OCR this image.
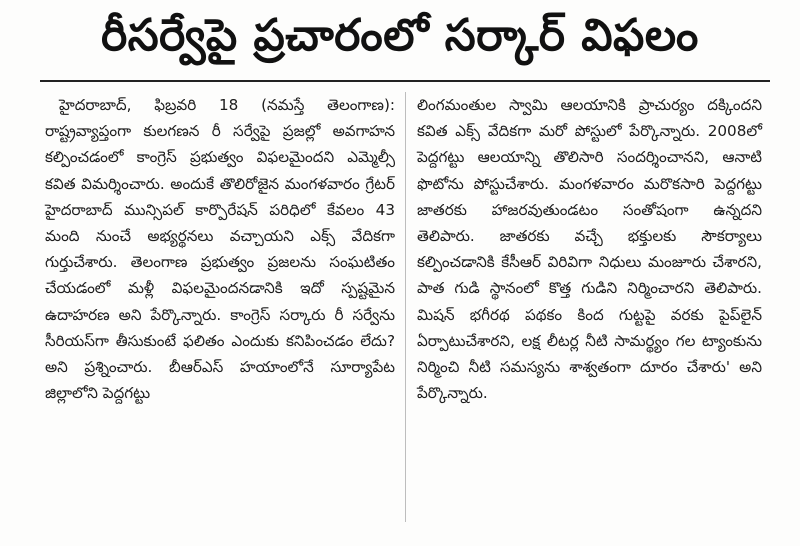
రీసర్వేపై ప్రచారంలో సర్కార్ విఫలం

హైదరాబాద్, ఫిబ్రవరి 18 (నమస్తే తెలంగాణ): రాష్ట్రవ్యాప్తంగా కులగణన రీ సర్వేపై ప్రజల్లో అవగాహన కల్పించడంలో కాంగ్రెస్ ప్రభుత్వం విఫలమైందని ఎమ్మెల్సీ కవిత విమర్శించారు. అందుకే తొలిరోజైన మంగళవారం గ్రేటర్ హైదరాబాద్ మున్సిపల్ కార్పొరేషన్ పరిధిలో కేవలం 43 మంది నుంచే అభ్యర్థనలు వచ్చాయని ఎక్స్ వేదికగా గుర్తుచేశారు. తెలంగాణ ప్రభుత్వం ప్రజలను సంఘటితం చేయడంలో మళ్లీ విఫలమైందనడానికి ఇదో స్పష్టమైన ఉదాహరణ అని పేర్కొన్నారు. కాంగ్రెస్ సర్కారు రీ సర్వేను సీరియస్‌గా తీసుకుంటే ఫలితం ఎందుకు కనిపించడం లేదు? అని ప్రశ్నించారు. బీఆర్ఎస్ హయాంలోనే సూర్యాపేట జిల్లాలోని పెద్దగట్టు

లింగమంతుల స్వామి ఆలయానికి ప్రాచుర్యం దక్కిందని కవిత ఎక్స్ వేదికగా మరో పోస్టులో పేర్కొన్నారు. 2008లో పెద్దగట్టు ఆలయాన్ని తొలిసారి సందర్శించానని, ఆనాటి ఫొటోను పోస్టుచేశారు. మంగళవారం మరొకసారి పెద్దగట్టు జాతరకు హాజరవుతుండటం సంతోషంగా ఉన్నదని తెలిపారు. జాతరకు వచ్చే భక్తులకు సౌకర్యాలు కల్పించడానికి కేసీఆర్ విరివిగా నిధులు మంజూరు చేశారని, పాత గుడి స్థానంలో కొత్త గుడిని నిర్మించారని తెలిపారు. మిషన్ భగీరథ పథకం కింద గుట్టపై వరకు పైప్‌లైన్ ఏర్పాటుచేశారని, లక్ష లీటర్ల నీటి సామర్థ్యం గల ట్యాంకును నిర్మించి నీటి సమస్యను శాశ్వతంగా దూరం చేశారు' అని పేర్కొన్నారు.
